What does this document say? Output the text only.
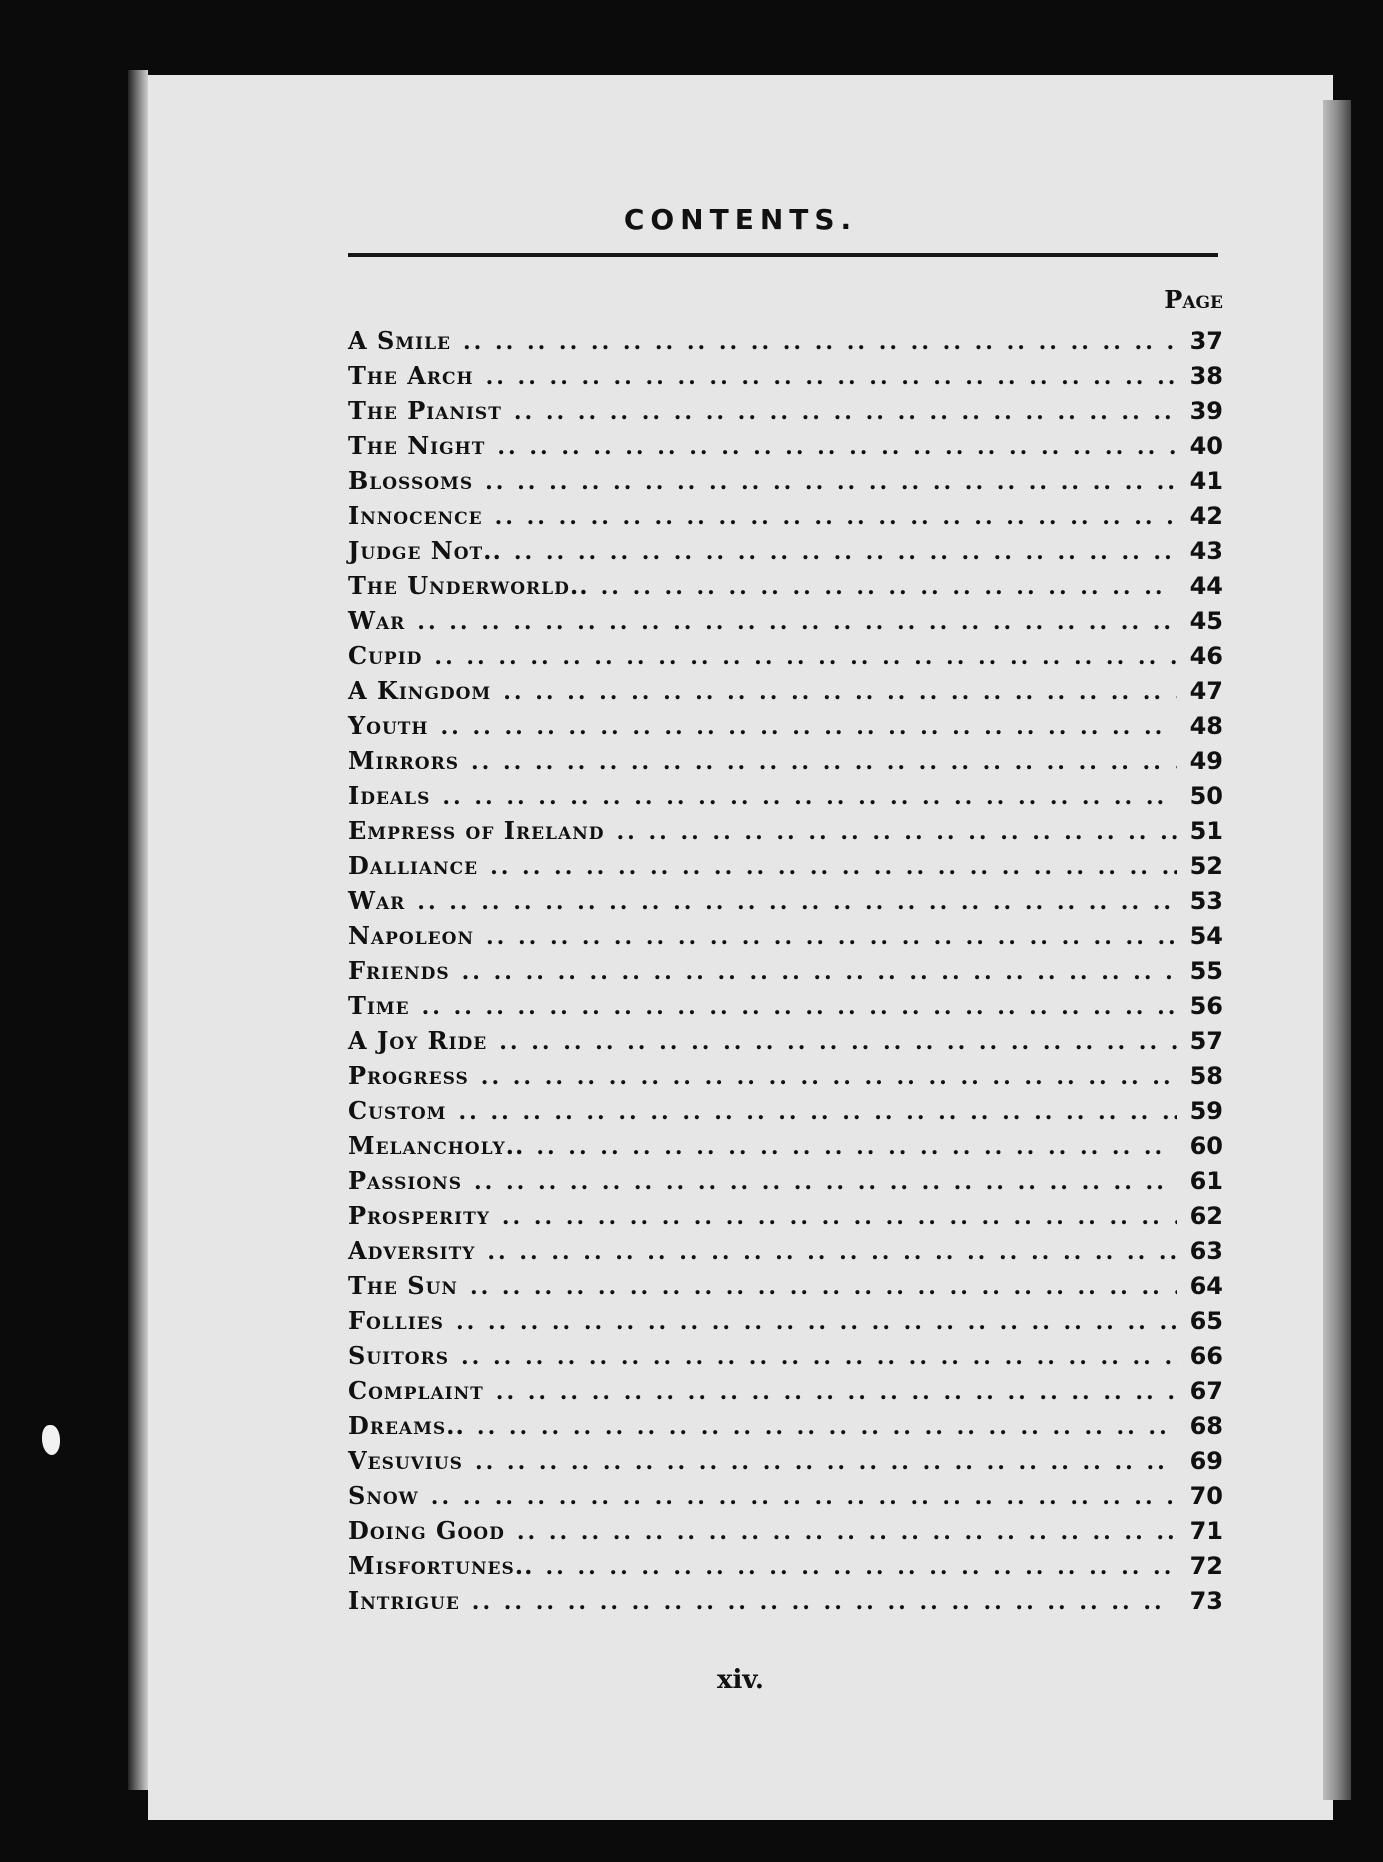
CONTENTS.
Page
A Smile .. .	37
The Arch .. .	38
The Pianist .. .	39
The Night .. .	40
Blossoms .. .	41
Innocence .. .	42
Judge Not.. .. .	43
The Underworld.. .. .	44
War .. .	45
Cupid .. .	46
A Kingdom .. .	47
Youth .. .	48
Mirrors .. .	49
Ideals .. .	50
Empress of Ireland .. .	51
Dalliance .. .	52
War .. .	53
Napoleon .. .	54
Friends .. .	55
Time .. .	56
A Joy Ride .. .	57
Progress .. .	58
Custom .. .	59
Melancholy.. .. .	60
Passions .. .	61
Prosperity .. .	62
Adversity .. .	63
The Sun .. .	64
Follies .. .	65
Suitors .. .	66
Complaint .. .	67
Dreams.. .. .	68
Vesuvius .. .	69
Snow .. .	70
Doing Good .. .	71
Misfortunes.. .. .	72
Intrigue .. .	73
xiv.
